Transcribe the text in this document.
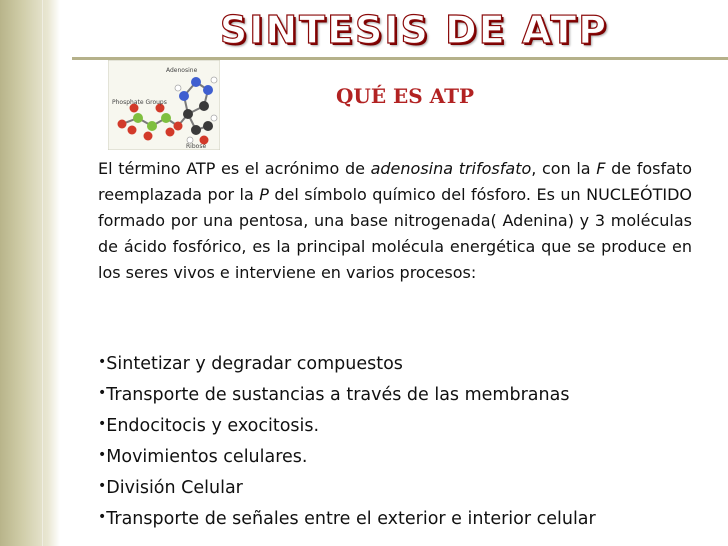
SINTESIS DE ATP
Adenosine
Phosphate Groups
Ribose
QUÉ ES ATP

El término ATP es el acrónimo de adenosina trifosfato, con la F de fosfato reemplazada por la P del símbolo químico del fósforo. Es un NUCLEÓTIDO formado por una pentosa, una base nitrogenada( Adenina) y 3 moléculas de ácido fosfórico, es la principal molécula energética que se produce en los seres vivos e interviene en varios procesos:

•Sintetizar y degradar compuestos
•Transporte de sustancias a través de las membranas
•Endocitocis y exocitosis.
•Movimientos celulares.
•División Celular
•Transporte de señales entre el exterior e interior celular
